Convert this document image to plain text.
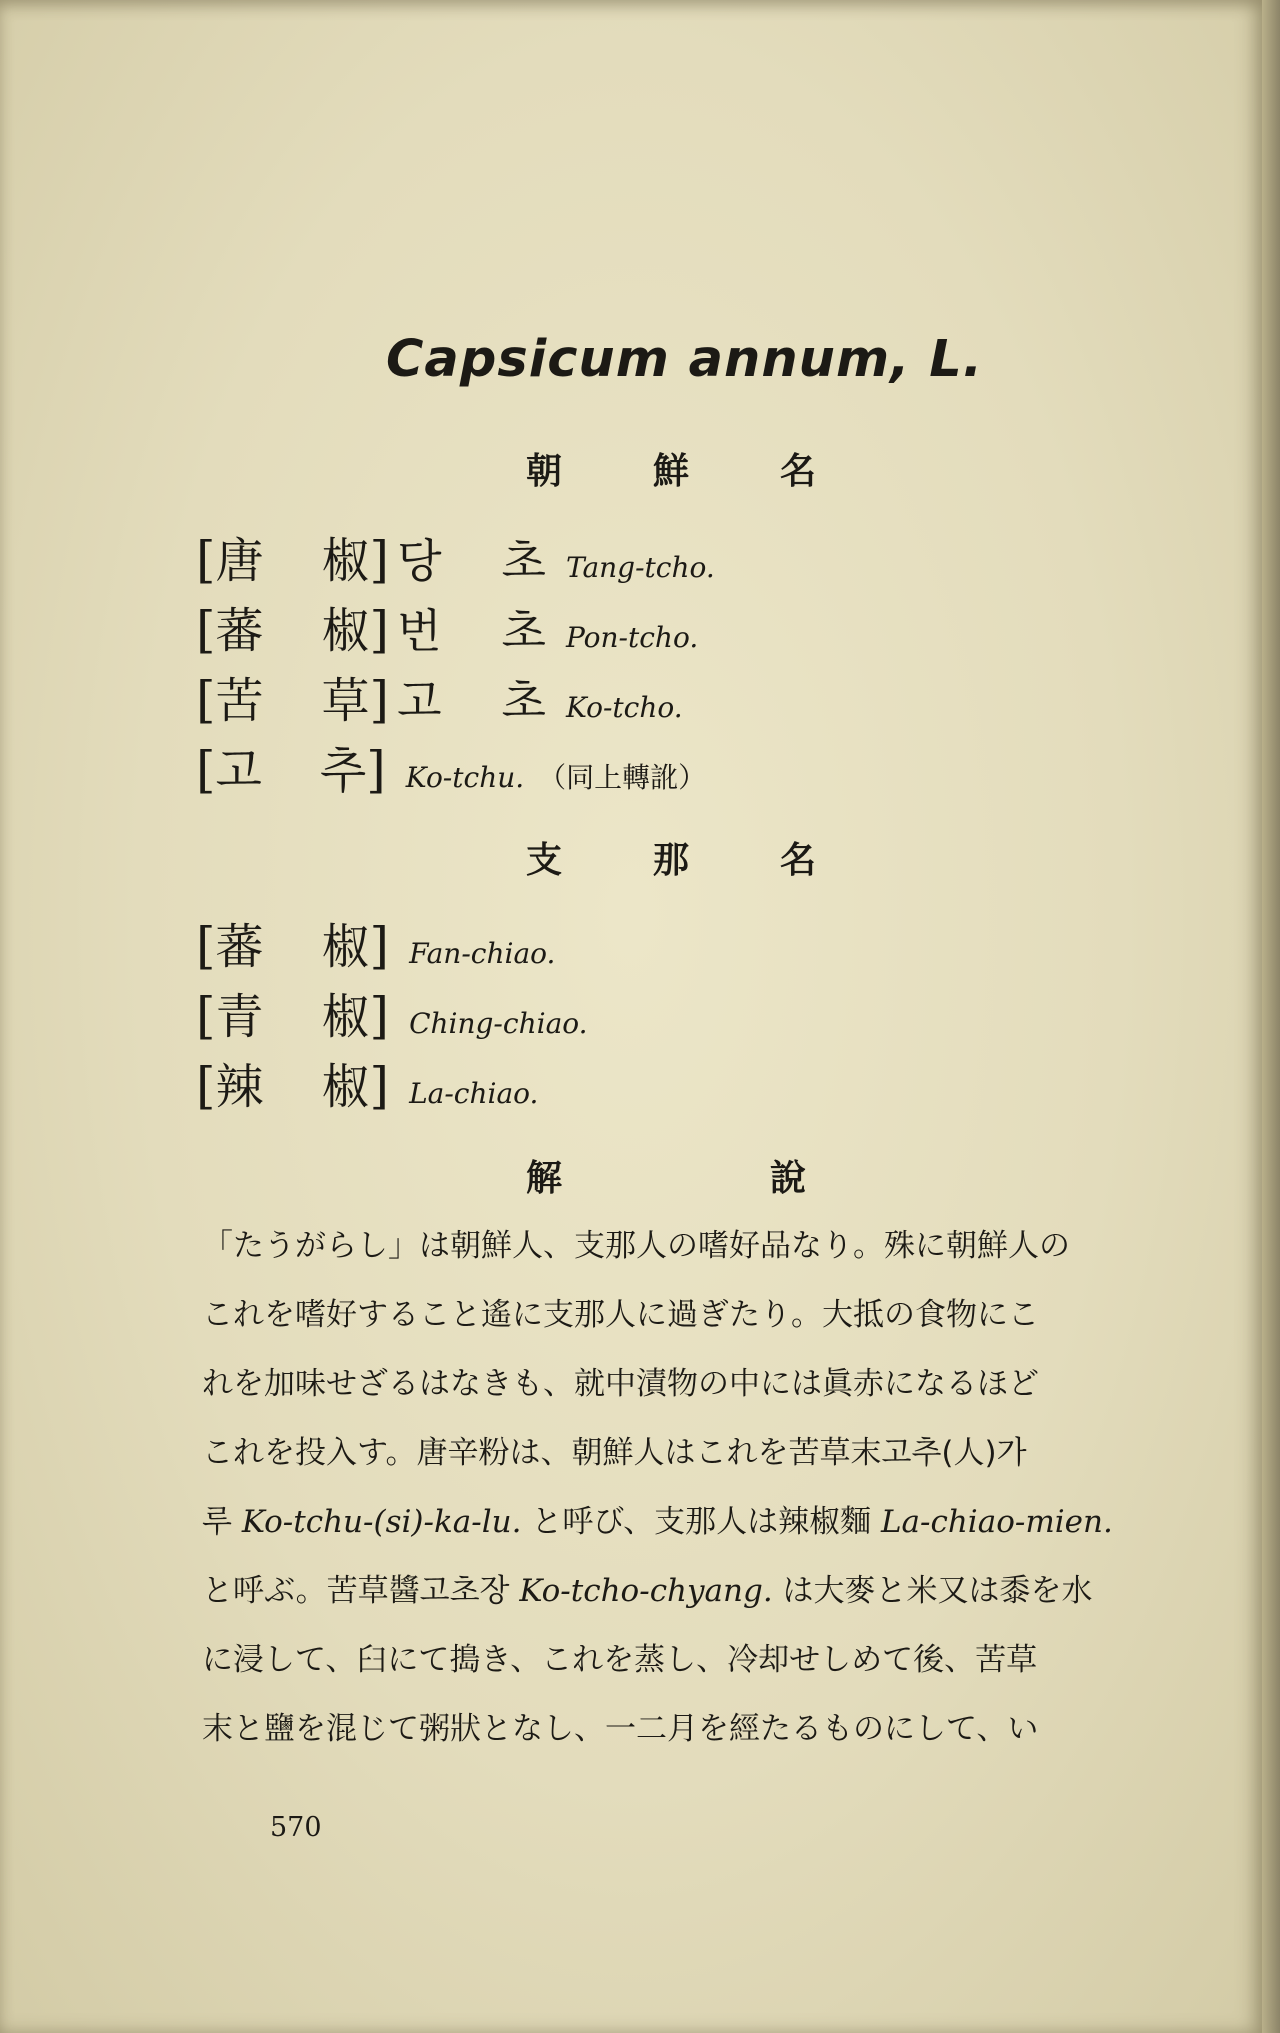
Capsicum annum, L.
朝	鮮	名
[ 唐 椒 ] 당 초 Tang-tcho.
[ 蕃 椒 ] 번 초 Pon-tcho.
[ 苦 草 ] 고 초 Ko-tcho.
[ 고 추 ] Ko-tchu. （同上轉訛）
支	那	名
[ 蕃 椒 ] Fan-chiao.
[ 青 椒 ] Ching-chiao.
[ 辣 椒 ] La-chiao.
解	說
「たうがらし」は朝鮮人、支那人の嗜好品なり。殊に朝鮮人の
これを嗜好すること遙に支那人に過ぎたり。大抵の食物にこ
れを加味せざるはなきも、就中漬物の中には眞赤になるほど
これを投入す。唐辛粉は、朝鮮人はこれを苦草末고추(人)가
루 Ko-tchu-(si)-ka-lu. と呼び、支那人は辣椒麵 La-chiao-mien.
と呼ぶ。苦草醬고초장 Ko-tcho-chyang. は大麥と米又は黍を水
に浸して、臼にて搗き、これを蒸し、冷却せしめて後、苦草
末と鹽を混じて粥狀となし、一二月を經たるものにして、い
570
